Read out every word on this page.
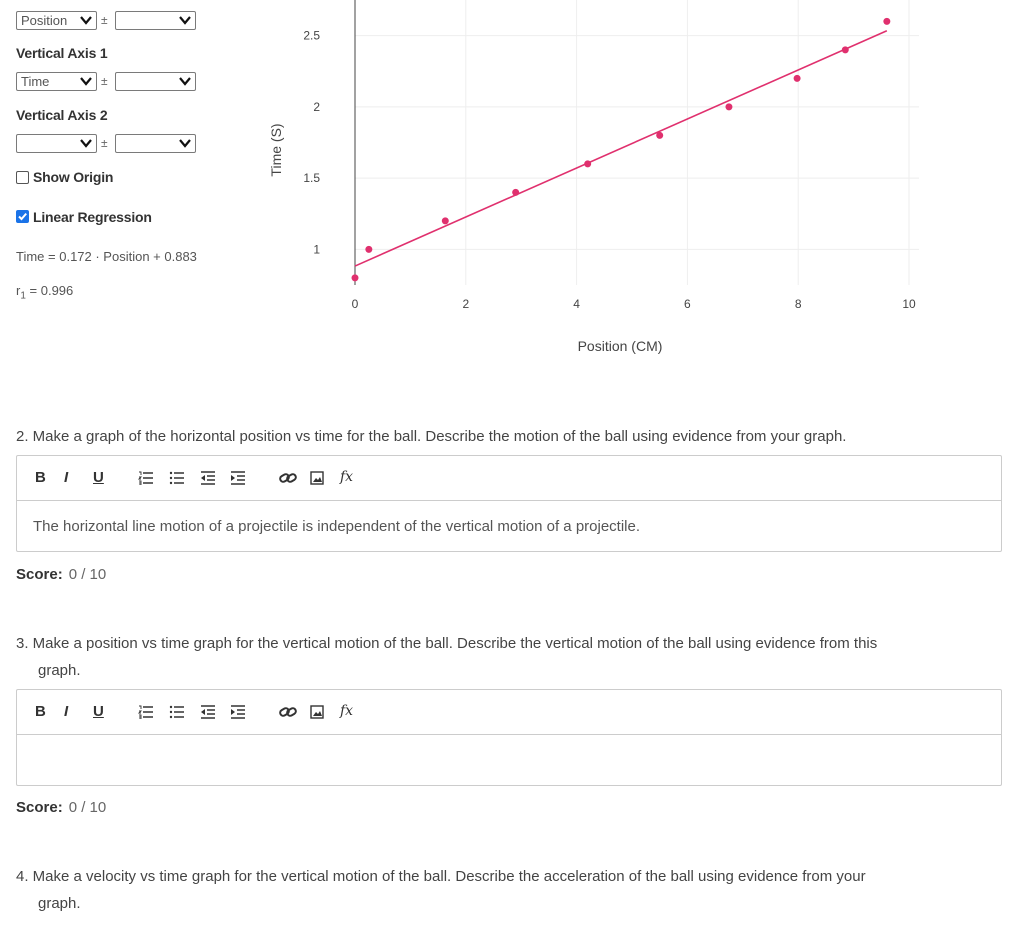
Position	±
Vertical Axis 1
Time	±
Vertical Axis 2
±
Show Origin
Linear Regression
Time = 0.172 · Position + 0.883
$r_1 = 0.996$
0	2	4	6	8	10
1
1.5
2
2.5
Position (CM)
Time (S)
2. Make a graph of the horizontal position vs time for the ball. Describe the motion of the ball using evidence from your graph.
B I U	fx
The horizontal line motion of a projectile is independent of the vertical motion of a projectile.
Score: 0 / 10
3. Make a position vs time graph for the vertical motion of the ball. Describe the vertical motion of the ball using evidence from this
graph.
B I U	fx
Score: 0 / 10
4. Make a velocity vs time graph for the vertical motion of the ball. Describe the acceleration of the ball using evidence from your
graph.
